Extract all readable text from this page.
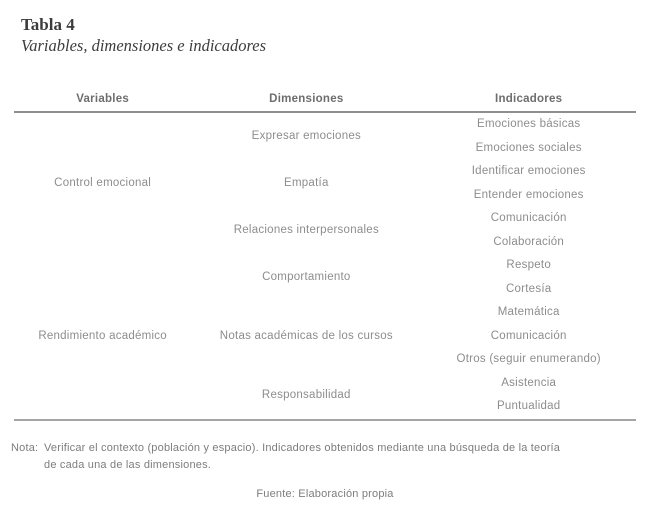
Tabla 4
Variables, dimensiones e indicadores
Variables	Dimensiones	Indicadores
Control emocional	Expresar emociones	Emociones básicas
		Emociones sociales
	Empatía	Identificar emociones
		Entender emociones
	Relaciones interpersonales	Comunicación
		Colaboración
Rendimiento académico	Comportamiento	Respeto
		Cortesía
	Notas académicas de los cursos	Matemática
		Comunicación
		Otros (seguir enumerando)
	Responsabilidad	Asistencia
		Puntualidad

Nota: Verificar el contexto (población y espacio). Indicadores obtenidos mediante una búsqueda de la teoría
de cada una de las dimensiones.

Fuente: Elaboración propia
